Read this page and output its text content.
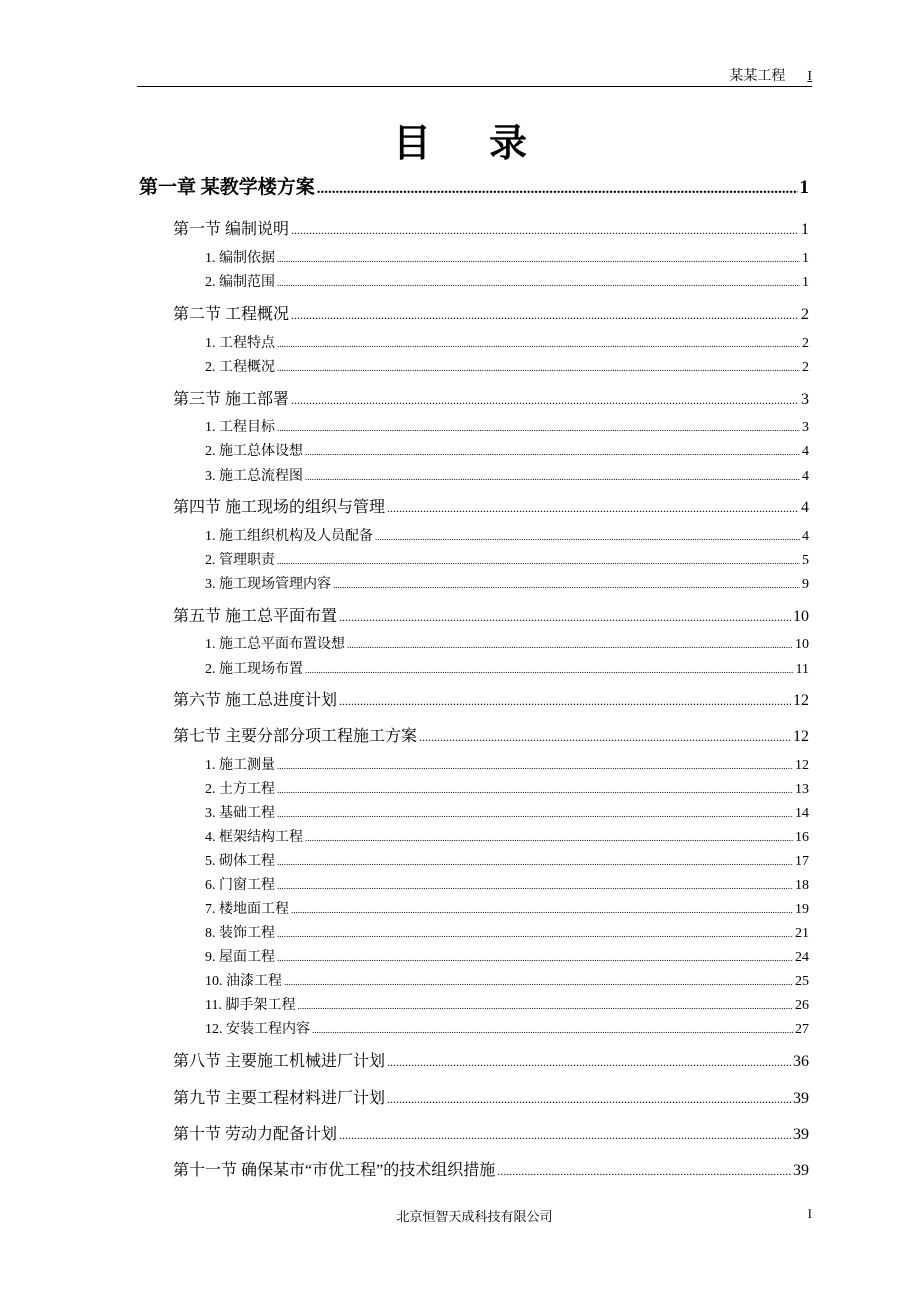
某某工程 I
目录
第一章 某教学楼方案 .....	1
第一节 编制说明 .....	1
1. 编制依据 .....	1
2. 编制范围 .....	1
第二节 工程概况 .....	2
1. 工程特点 .....	2
2. 工程概况 .....	2
第三节 施工部署 .....	3
1. 工程目标 .....	3
2. 施工总体设想 .....	4
3. 施工总流程图 .....	4
第四节 施工现场的组织与管理 .....	4
1. 施工组织机构及人员配备 .....	4
2. 管理职责 .....	5
3. 施工现场管理内容 .....	9
第五节 施工总平面布置 .....	10
1. 施工总平面布置设想 .....	10
2. 施工现场布置 .....	11
第六节 施工总进度计划 .....	12
第七节 主要分部分项工程施工方案 .....	12
1. 施工测量 .....	12
2. 土方工程 .....	13
3. 基础工程 .....	14
4. 框架结构工程 .....	16
5. 砌体工程 .....	17
6. 门窗工程 .....	18
7. 楼地面工程 .....	19
8. 装饰工程 .....	21
9. 屋面工程 .....	24
10. 油漆工程 .....	25
11. 脚手架工程 .....	26
12. 安装工程内容 .....	27
第八节 主要施工机械进厂计划 .....	36
第九节 主要工程材料进厂计划 .....	39
第十节 劳动力配备计划 .....	39
第十一节 确保某市“市优工程”的技术组织措施 .....	39
北京恒智天成科技有限公司	I
